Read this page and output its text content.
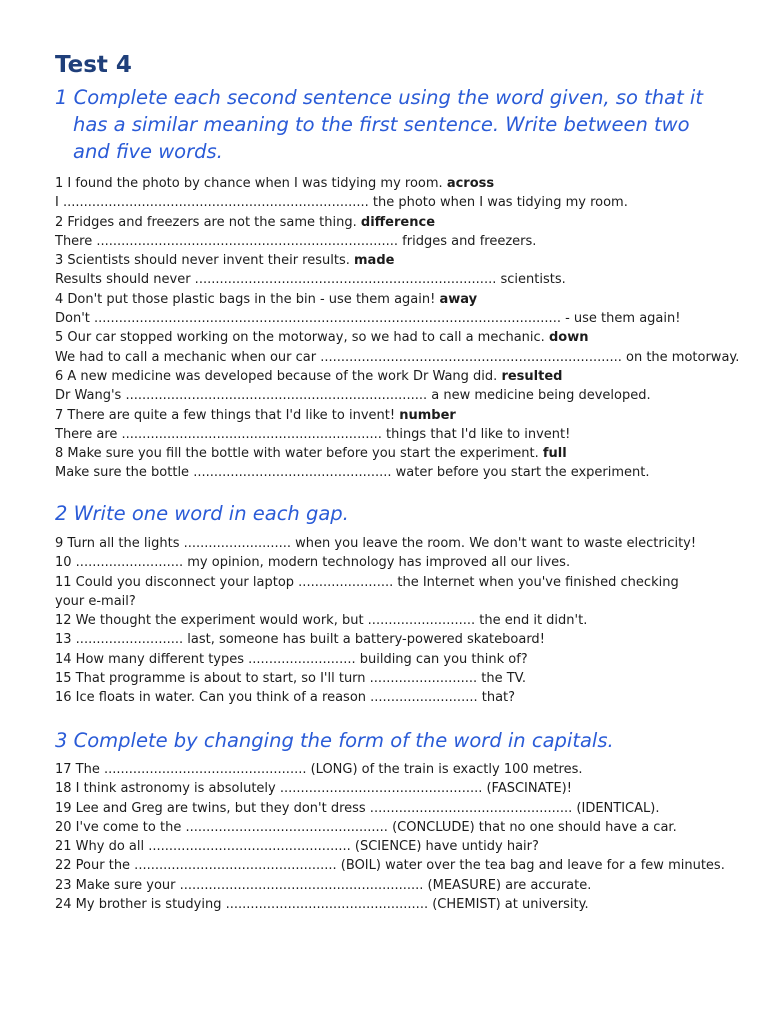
Test 4
1 Complete each second sentence using the word given, so that it
has a similar meaning to the first sentence. Write between two
and five words.
1 I found the photo by chance when I was tidying my room. across
I .......................................................................... the photo when I was tidying my room.
2 Fridges and freezers are not the same thing. difference
There ......................................................................... fridges and freezers.
3 Scientists should never invent their results. made
Results should never ......................................................................... scientists.
4 Don't put those plastic bags in the bin - use them again! away
Don't ................................................................................................................. - use them again!
5 Our car stopped working on the motorway, so we had to call a mechanic. down
We had to call a mechanic when our car ......................................................................... on the motorway.
6 A new medicine was developed because of the work Dr Wang did. resulted
Dr Wang's ......................................................................... a new medicine being developed.
7 There are quite a few things that I'd like to invent! number
There are ............................................................... things that I'd like to invent!
8 Make sure you fill the bottle with water before you start the experiment. full
Make sure the bottle ................................................ water before you start the experiment.
2 Write one word in each gap.
9 Turn all the lights .......................... when you leave the room. We don't want to waste electricity!
10 .......................... my opinion, modern technology has improved all our lives.
11 Could you disconnect your laptop ....................... the Internet when you've finished checking
your e-mail?
12 We thought the experiment would work, but .......................... the end it didn't.
13 .......................... last, someone has built a battery-powered skateboard!
14 How many different types .......................... building can you think of?
15 That programme is about to start, so I'll turn .......................... the TV.
16 Ice floats in water. Can you think of a reason .......................... that?
3 Complete by changing the form of the word in capitals.
17 The ................................................. (LONG) of the train is exactly 100 metres.
18 I think astronomy is absolutely ................................................. (FASCINATE)!
19 Lee and Greg are twins, but they don't dress ................................................. (IDENTICAL).
20 I've come to the ................................................. (CONCLUDE) that no one should have a car.
21 Why do all ................................................. (SCIENCE) have untidy hair?
22 Pour the ................................................. (BOIL) water over the tea bag and leave for a few minutes.
23 Make sure your ........................................................... (MEASURE) are accurate.
24 My brother is studying ................................................. (CHEMIST) at university.
